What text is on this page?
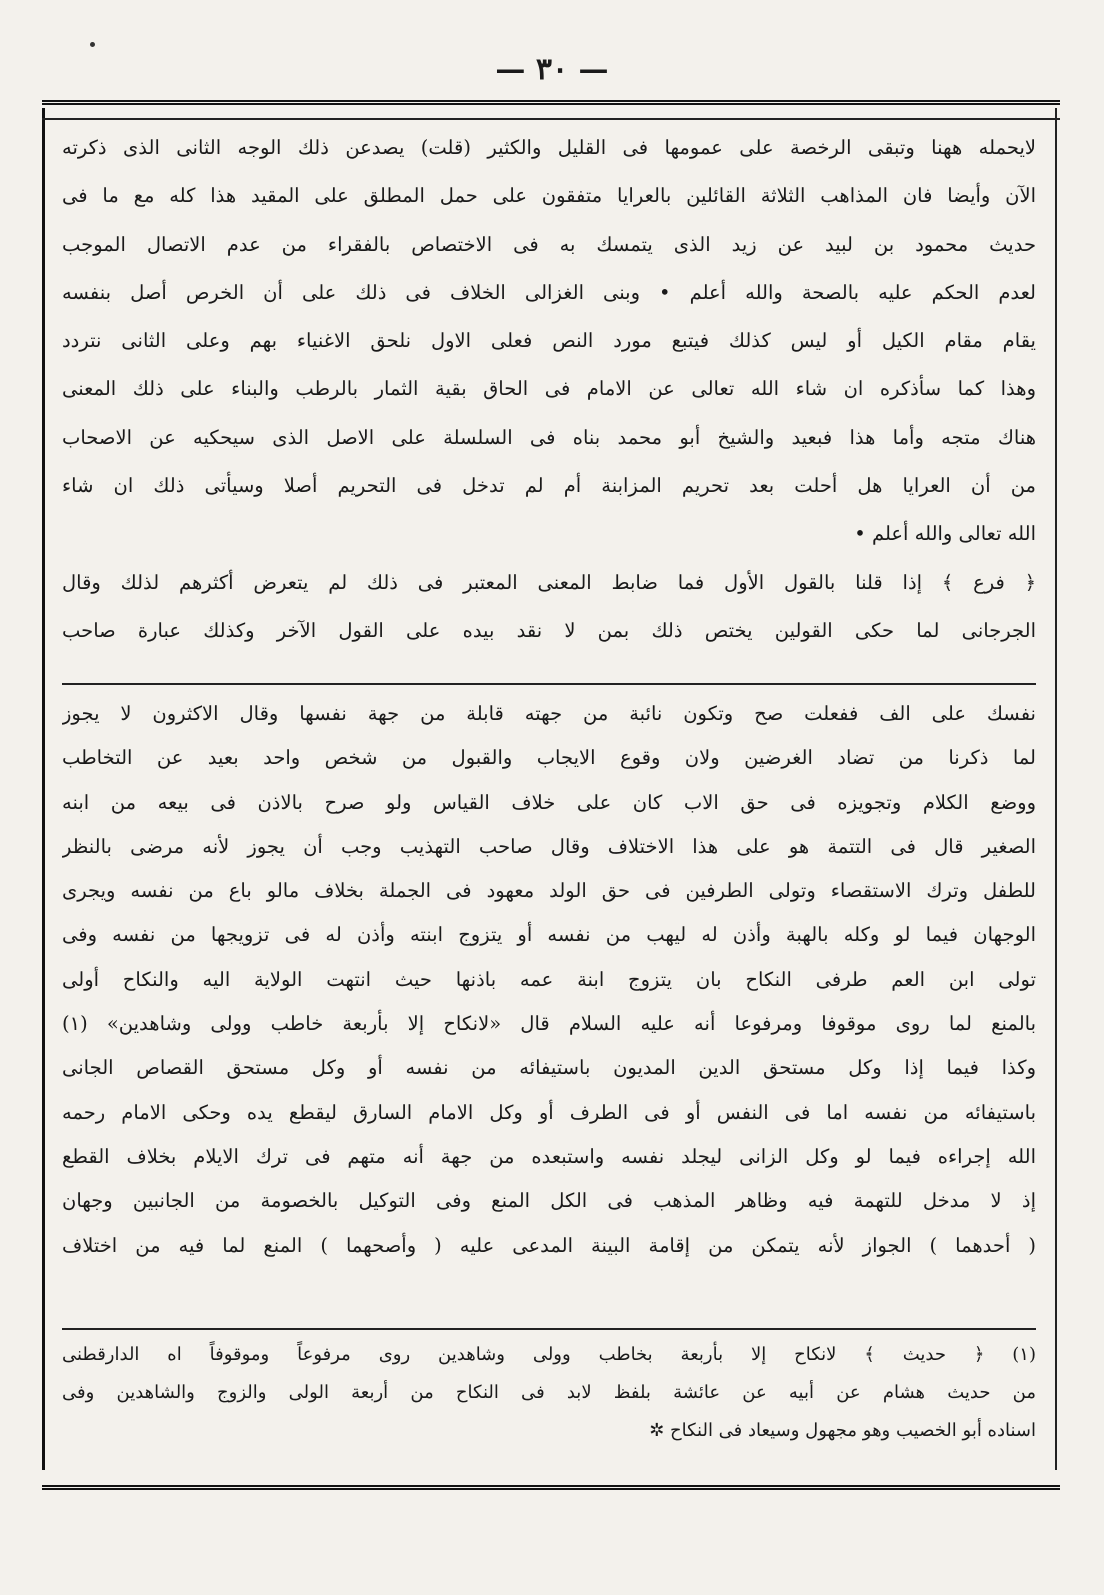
— ٣٠ —
لايحمله ههنا وتبقى الرخصة على عمومها فى القليل والكثير (قلت) يصدعن ذلك الوجه الثانى الذى ذكرته
الآن وأيضا فان المذاهب الثلاثة القائلين بالعرايا متفقون على حمل المطلق على المقيد هذا كله مع ما فى
حديث محمود بن لبيد عن زيد الذى يتمسك به فى الاختصاص بالفقراء من عدم الاتصال الموجب
لعدم الحكم عليه بالصحة والله أعلم • وبنى الغزالى الخلاف فى ذلك على أن الخرص أصل بنفسه
يقام مقام الكيل أو ليس كذلك فيتبع مورد النص فعلى الاول نلحق الاغنياء بهم وعلى الثانى نتردد
وهذا كما سأذكره ان شاء الله تعالى عن الامام فى الحاق بقية الثمار بالرطب والبناء على ذلك المعنى
هناك متجه وأما هذا فبعيد والشيخ أبو محمد بناه فى السلسلة على الاصل الذى سيحكيه عن الاصحاب
من أن العرايا هل أحلت بعد تحريم المزابنة أم لم تدخل فى التحريم أصلا وسيأتى ذلك ان شاء
الله تعالى والله أعلم •
﴿ فرع ﴾ إذا قلنا بالقول الأول فما ضابط المعنى المعتبر فى ذلك لم يتعرض أكثرهم لذلك وقال
الجرجانى لما حكى القولين يختص ذلك بمن لا نقد بيده على القول الآخر وكذلك عبارة صاحب
نفسك على الف ففعلت صح وتكون نائبة من جهته قابلة من جهة نفسها وقال الاكثرون لا يجوز
لما ذكرنا من تضاد الغرضين ولان وقوع الايجاب والقبول من شخص واحد بعيد عن التخاطب
ووضع الكلام وتجويزه فى حق الاب كان على خلاف القياس ولو صرح بالاذن فى بيعه من ابنه
الصغير قال فى التتمة هو على هذا الاختلاف وقال صاحب التهذيب وجب أن يجوز لأنه مرضى بالنظر
للطفل وترك الاستقصاء وتولى الطرفين فى حق الولد معهود فى الجملة بخلاف مالو باع من نفسه ويجرى
الوجهان فيما لو وكله بالهبة وأذن له ليهب من نفسه أو يتزوج ابنته وأذن له فى تزويجها من نفسه وفى
تولى ابن العم طرفى النكاح بان يتزوج ابنة عمه باذنها حيث انتهت الولاية اليه والنكاح أولى
بالمنع لما روى موقوفا ومرفوعا أنه عليه السلام قال «لانكاح إلا بأربعة خاطب وولى وشاهدين» (١)
وكذا فيما إذا وكل مستحق الدين المديون باستيفائه من نفسه أو وكل مستحق القصاص الجانى
باستيفائه من نفسه اما فى النفس أو فى الطرف أو وكل الامام السارق ليقطع يده وحكى الامام رحمه
الله إجراءه فيما لو وكل الزانى ليجلد نفسه واستبعده من جهة أنه متهم فى ترك الايلام بخلاف القطع
إذ لا مدخل للتهمة فيه وظاهر المذهب فى الكل المنع وفى التوكيل بالخصومة من الجانبين وجهان
( أحدهما ) الجواز لأنه يتمكن من إقامة البينة المدعى عليه ( وأصحهما ) المنع لما فيه من اختلاف
(١) ﴿ حديث ﴾ لانكاح إلا بأربعة بخاطب وولى وشاهدين روى مرفوعاً وموقوفاً اه الدارقطنى
من حديث هشام عن أبيه عن عائشة بلفظ لابد فى النكاح من أربعة الولى والزوج والشاهدين وفى
اسناده أبو الخصيب وهو مجهول وسيعاد فى النكاح ✲
